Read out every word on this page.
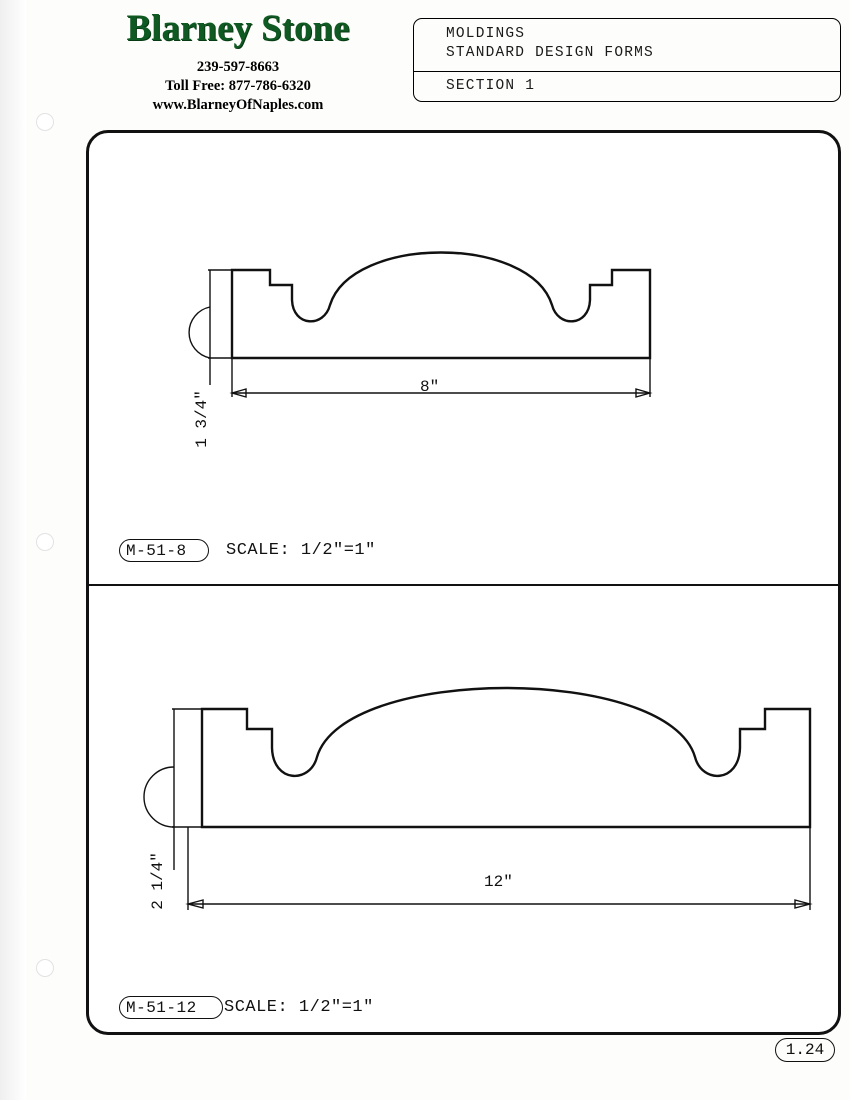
Blarney Stone
239-597-8663
Toll Free: 877-786-6320
www.BlarneyOfNaples.com
MOLDINGS
STANDARD DESIGN FORMS
SECTION 1
8"
1 3/4"
M-51-8 SCALE: 1/2"=1"
12"
2 1/4"
M-51-12 SCALE: 1/2"=1"
1.24
